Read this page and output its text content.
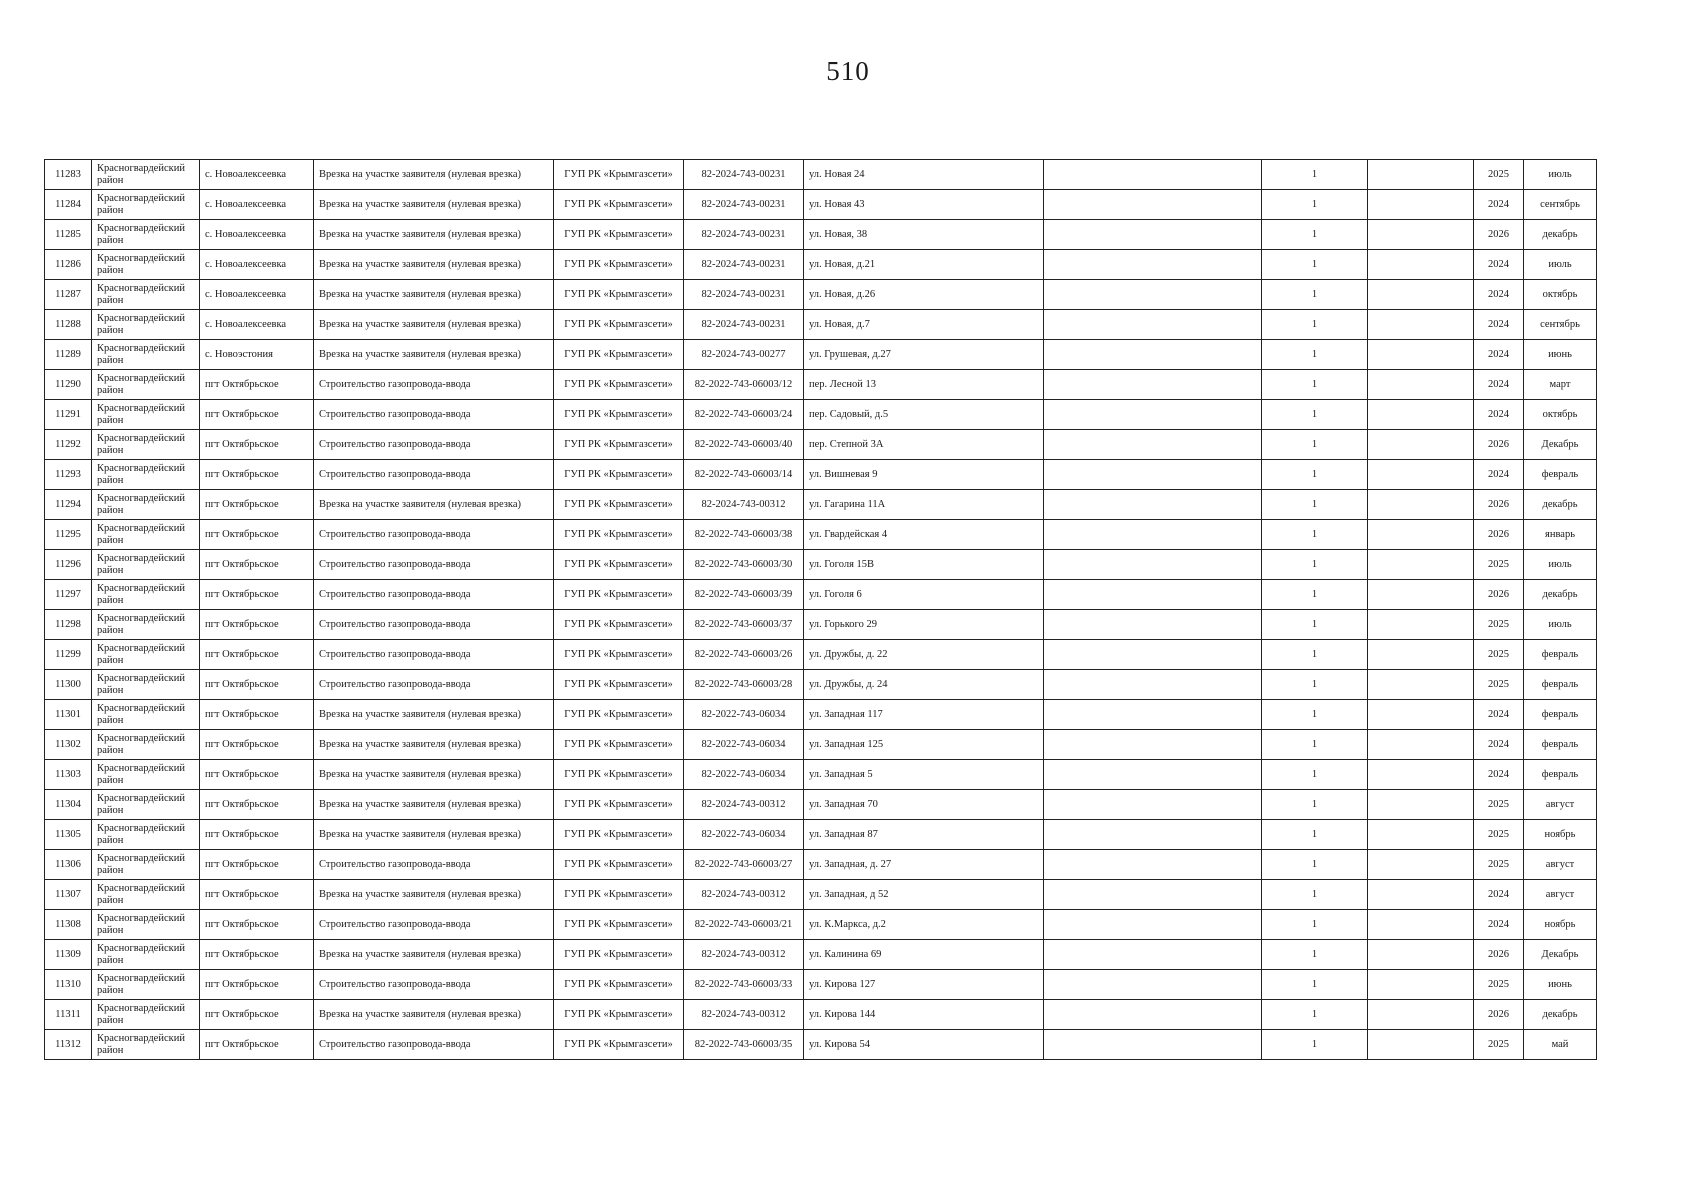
510
11283	Красногвардейский район	с. Новоалексеевка	Врезка на участке заявителя (нулевая врезка)	ГУП РК «Крымгазсети»	82-2024-743-00231	ул. Новая 24		1		2025	июль
11284	Красногвардейский район	с. Новоалексеевка	Врезка на участке заявителя (нулевая врезка)	ГУП РК «Крымгазсети»	82-2024-743-00231	ул. Новая 43		1		2024	сентябрь
11285	Красногвардейский район	с. Новоалексеевка	Врезка на участке заявителя (нулевая врезка)	ГУП РК «Крымгазсети»	82-2024-743-00231	ул. Новая, 38		1		2026	декабрь
11286	Красногвардейский район	с. Новоалексеевка	Врезка на участке заявителя (нулевая врезка)	ГУП РК «Крымгазсети»	82-2024-743-00231	ул. Новая, д.21		1		2024	июль
11287	Красногвардейский район	с. Новоалексеевка	Врезка на участке заявителя (нулевая врезка)	ГУП РК «Крымгазсети»	82-2024-743-00231	ул. Новая, д.26		1		2024	октябрь
11288	Красногвардейский район	с. Новоалексеевка	Врезка на участке заявителя (нулевая врезка)	ГУП РК «Крымгазсети»	82-2024-743-00231	ул. Новая, д.7		1		2024	сентябрь
11289	Красногвардейский район	с. Новоэстония	Врезка на участке заявителя (нулевая врезка)	ГУП РК «Крымгазсети»	82-2024-743-00277	ул. Грушевая, д.27		1		2024	июнь
11290	Красногвардейский район	пгт Октябрьское	Строительство газопровода-ввода	ГУП РК «Крымгазсети»	82-2022-743-06003/12	пер. Лесной 13		1		2024	март
11291	Красногвардейский район	пгт Октябрьское	Строительство газопровода-ввода	ГУП РК «Крымгазсети»	82-2022-743-06003/24	пер. Садовый, д.5		1		2024	октябрь
11292	Красногвардейский район	пгт Октябрьское	Строительство газопровода-ввода	ГУП РК «Крымгазсети»	82-2022-743-06003/40	пер. Степной 3А		1		2026	Декабрь
11293	Красногвардейский район	пгт Октябрьское	Строительство газопровода-ввода	ГУП РК «Крымгазсети»	82-2022-743-06003/14	ул. Вишневая 9		1		2024	февраль
11294	Красногвардейский район	пгт Октябрьское	Врезка на участке заявителя (нулевая врезка)	ГУП РК «Крымгазсети»	82-2024-743-00312	ул. Гагарина 11А		1		2026	декабрь
11295	Красногвардейский район	пгт Октябрьское	Строительство газопровода-ввода	ГУП РК «Крымгазсети»	82-2022-743-06003/38	ул. Гвардейская 4		1		2026	январь
11296	Красногвардейский район	пгт Октябрьское	Строительство газопровода-ввода	ГУП РК «Крымгазсети»	82-2022-743-06003/30	ул. Гоголя 15В		1		2025	июль
11297	Красногвардейский район	пгт Октябрьское	Строительство газопровода-ввода	ГУП РК «Крымгазсети»	82-2022-743-06003/39	ул. Гоголя 6		1		2026	декабрь
11298	Красногвардейский район	пгт Октябрьское	Строительство газопровода-ввода	ГУП РК «Крымгазсети»	82-2022-743-06003/37	ул. Горького 29		1		2025	июль
11299	Красногвардейский район	пгт Октябрьское	Строительство газопровода-ввода	ГУП РК «Крымгазсети»	82-2022-743-06003/26	ул. Дружбы, д. 22		1		2025	февраль
11300	Красногвардейский район	пгт Октябрьское	Строительство газопровода-ввода	ГУП РК «Крымгазсети»	82-2022-743-06003/28	ул. Дружбы, д. 24		1		2025	февраль
11301	Красногвардейский район	пгт Октябрьское	Врезка на участке заявителя (нулевая врезка)	ГУП РК «Крымгазсети»	82-2022-743-06034	ул. Западная 117		1		2024	февраль
11302	Красногвардейский район	пгт Октябрьское	Врезка на участке заявителя (нулевая врезка)	ГУП РК «Крымгазсети»	82-2022-743-06034	ул. Западная 125		1		2024	февраль
11303	Красногвардейский район	пгт Октябрьское	Врезка на участке заявителя (нулевая врезка)	ГУП РК «Крымгазсети»	82-2022-743-06034	ул. Западная 5		1		2024	февраль
11304	Красногвардейский район	пгт Октябрьское	Врезка на участке заявителя (нулевая врезка)	ГУП РК «Крымгазсети»	82-2024-743-00312	ул. Западная 70		1		2025	август
11305	Красногвардейский район	пгт Октябрьское	Врезка на участке заявителя (нулевая врезка)	ГУП РК «Крымгазсети»	82-2022-743-06034	ул. Западная 87		1		2025	ноябрь
11306	Красногвардейский район	пгт Октябрьское	Строительство газопровода-ввода	ГУП РК «Крымгазсети»	82-2022-743-06003/27	ул. Западная, д. 27		1		2025	август
11307	Красногвардейский район	пгт Октябрьское	Врезка на участке заявителя (нулевая врезка)	ГУП РК «Крымгазсети»	82-2024-743-00312	ул. Западная, д 52		1		2024	август
11308	Красногвардейский район	пгт Октябрьское	Строительство газопровода-ввода	ГУП РК «Крымгазсети»	82-2022-743-06003/21	ул. К.Маркса, д.2		1		2024	ноябрь
11309	Красногвардейский район	пгт Октябрьское	Врезка на участке заявителя (нулевая врезка)	ГУП РК «Крымгазсети»	82-2024-743-00312	ул. Калинина 69		1		2026	Декабрь
11310	Красногвардейский район	пгт Октябрьское	Строительство газопровода-ввода	ГУП РК «Крымгазсети»	82-2022-743-06003/33	ул. Кирова 127		1		2025	июнь
11311	Красногвардейский район	пгт Октябрьское	Врезка на участке заявителя (нулевая врезка)	ГУП РК «Крымгазсети»	82-2024-743-00312	ул. Кирова 144		1		2026	декабрь
11312	Красногвардейский район	пгт Октябрьское	Строительство газопровода-ввода	ГУП РК «Крымгазсети»	82-2022-743-06003/35	ул. Кирова 54		1		2025	май
